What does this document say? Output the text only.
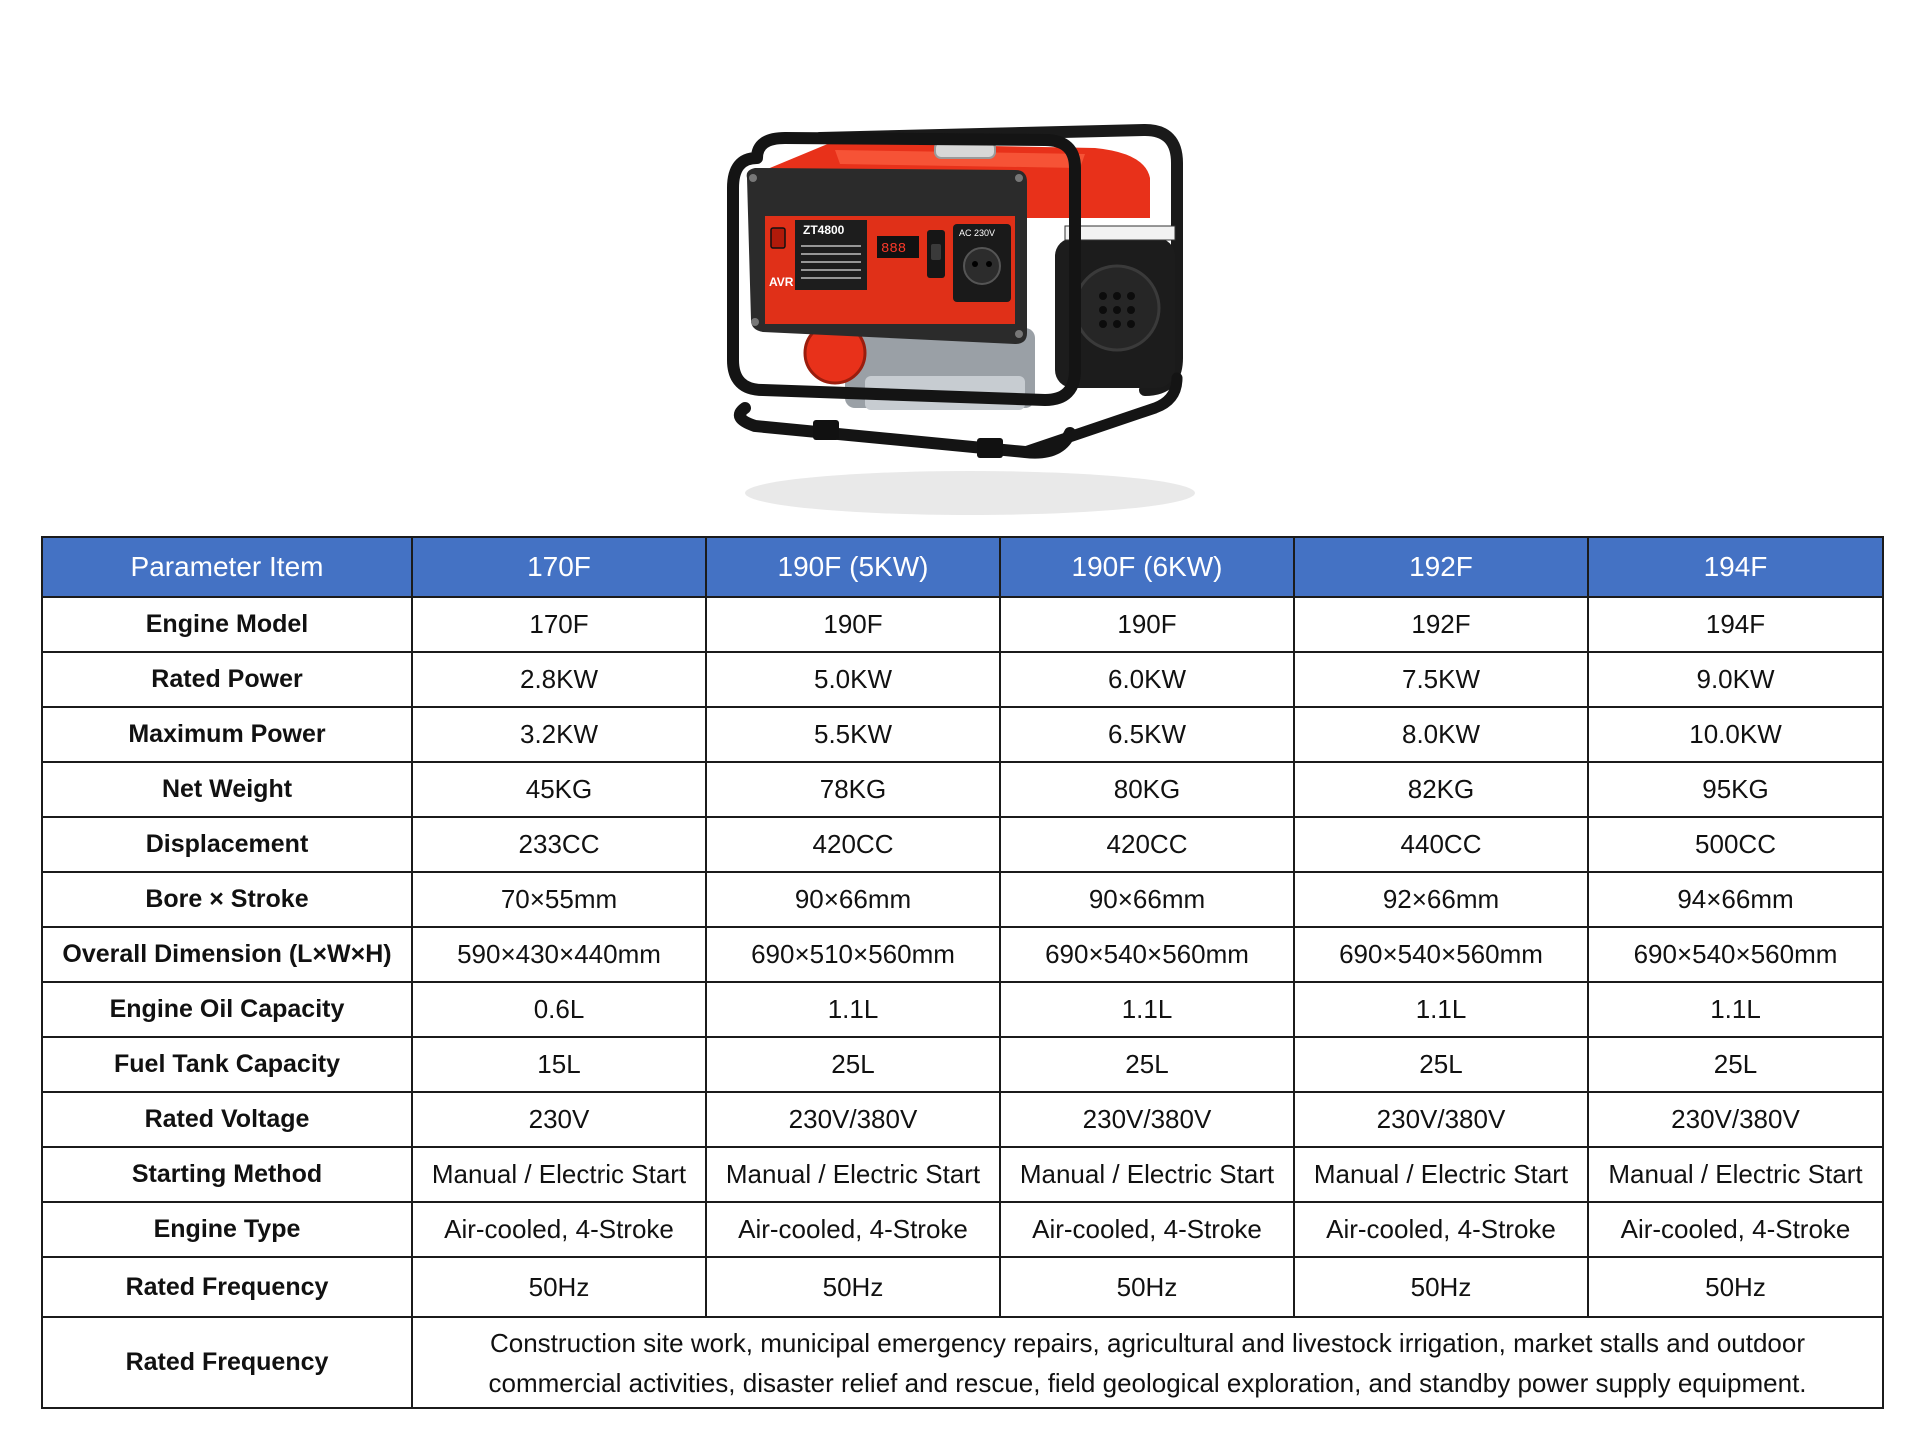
ZT4800
AVR
888
AC 230V
Parameter Item	170F	190F (5KW)	190F (6KW)	192F	194F
Engine Model	170F	190F	190F	192F	194F
Rated Power	2.8KW	5.0KW	6.0KW	7.5KW	9.0KW
Maximum Power	3.2KW	5.5KW	6.5KW	8.0KW	10.0KW
Net Weight	45KG	78KG	80KG	82KG	95KG
Displacement	233CC	420CC	420CC	440CC	500CC
Bore × Stroke	70×55mm	90×66mm	90×66mm	92×66mm	94×66mm
Overall Dimension (L×W×H)	590×430×440mm	690×510×560mm	690×540×560mm	690×540×560mm	690×540×560mm
Engine Oil Capacity	0.6L	1.1L	1.1L	1.1L	1.1L
Fuel Tank Capacity	15L	25L	25L	25L	25L
Rated Voltage	230V	230V/380V	230V/380V	230V/380V	230V/380V
Starting Method	Manual / Electric Start	Manual / Electric Start	Manual / Electric Start	Manual / Electric Start	Manual / Electric Start
Engine Type	Air-cooled, 4-Stroke	Air-cooled, 4-Stroke	Air-cooled, 4-Stroke	Air-cooled, 4-Stroke	Air-cooled, 4-Stroke
Rated Frequency	50Hz	50Hz	50Hz	50Hz	50Hz
Rated Frequency	Construction site work, municipal emergency repairs, agricultural and livestock irrigation, market stalls and outdoor commercial activities, disaster relief and rescue, field geological exploration, and standby power supply equipment.				
